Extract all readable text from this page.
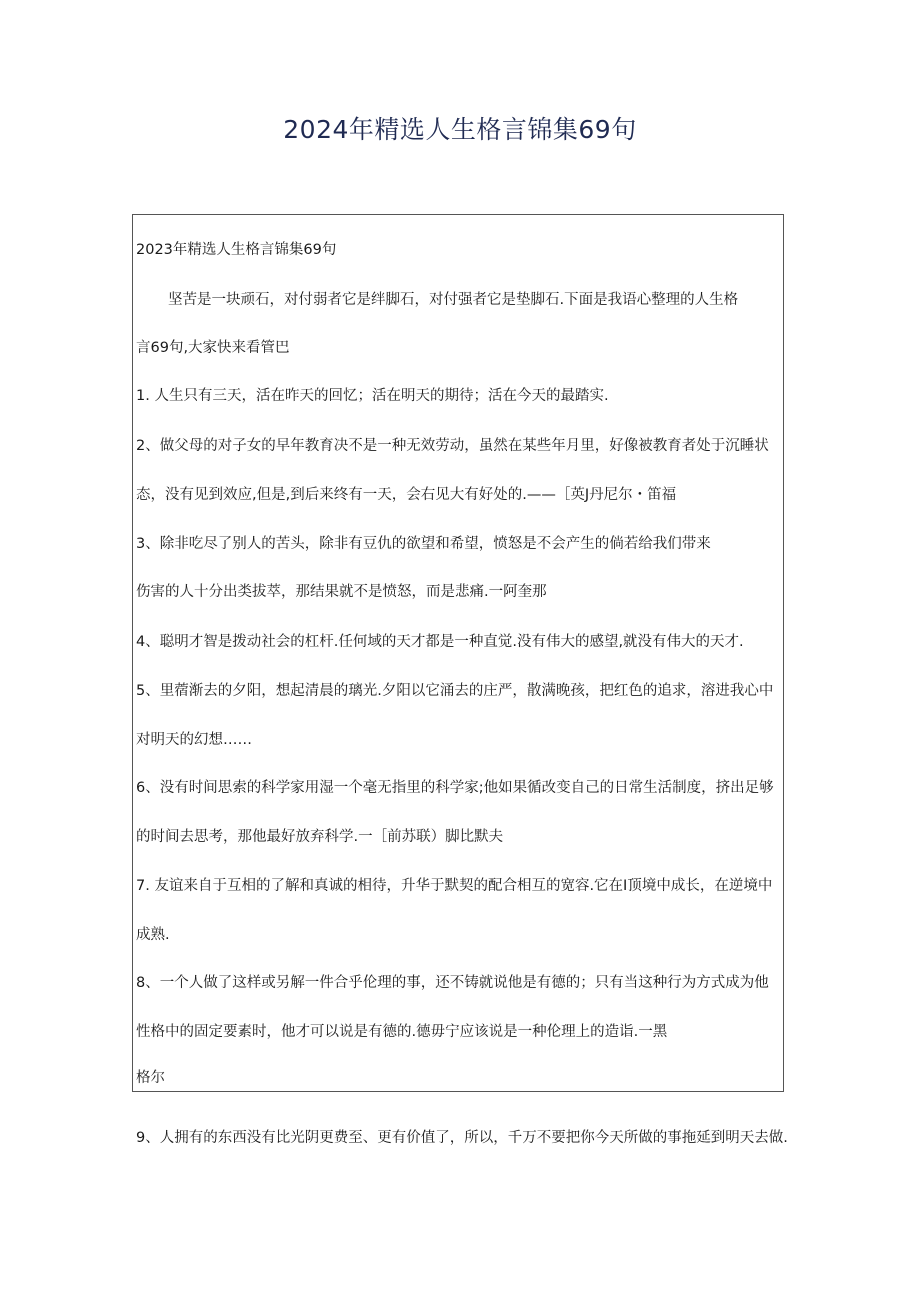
2024年精选人生格言锦集69句
2023年精选人生格言锦集69句
坚苦是一块顽石，对付弱者它是绊脚石，对付强者它是垫脚石.下面是我语心整理的人生格
言69句,大家快来看管巴
1. 人生只有三天，活在昨天的回忆；活在明天的期待；活在今天的最踏实.
2、做父母的对子女的早年教育决不是一种无效劳动，虽然在某些年月里，好像被教育者处于沉睡状
态，没有见到效应,但是,到后来终有一天，会右见大有好处的.——［英J丹尼尔・笛福
3、除非吃尽了别人的苦头，除非有豆仇的欲望和希望，愤怒是不会产生的倘若给我们带来
伤害的人十分出类拔萃，那结果就不是愤怒，而是悲痛.一阿奎那
4、聪明才智是拨动社会的杠杆.任何域的天才都是一种直觉.没有伟大的感望,就没有伟大的天才.
5、里蓿渐去的夕阳，想起清晨的璃光.夕阳以它涌去的庄严，散满晚孩，把红色的追求，溶进我心中
对明天的幻想……
6、没有时间思索的科学家用湿一个毫无指里的科学家;他如果循改变自己的日常生活制度，挤出足够
的时间去思考，那他最好放弃科学.一［前苏联）脚比默夫
7. 友谊来自于互相的了解和真诚的相待，升华于默契的配合相互的宽容.它在I顶境中成长，在逆境中
成熟.
8、一个人做了这样或另解一件合乎伦理的事，还不铸就说他是有德的；只有当这种行为方式成为他
性格中的固定要素时，他才可以说是有德的.德毋宁应该说是一种伦理上的造诣.一黑
格尔
9、人拥有的东西没有比光阴更费至、更有价值了，所以，千万不要把你今天所做的事拖延到明天去做.
